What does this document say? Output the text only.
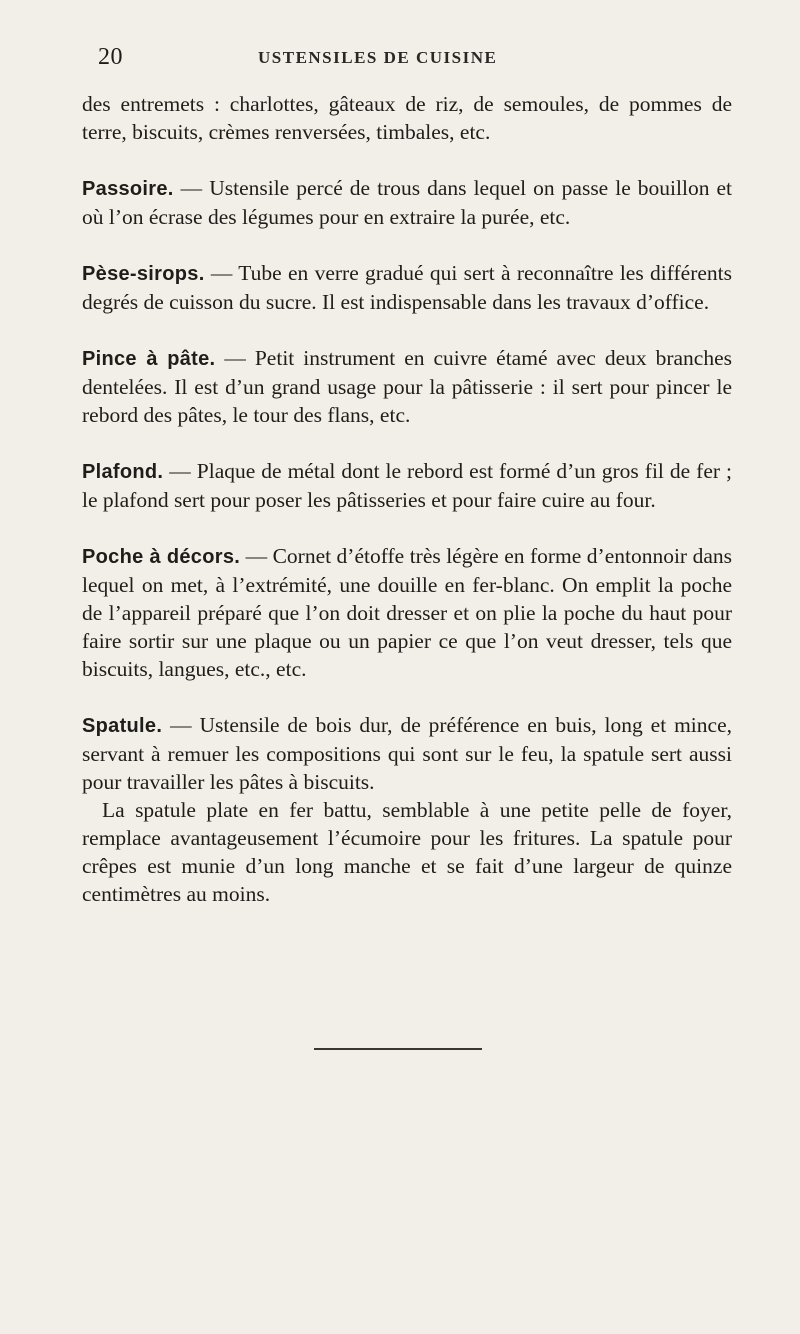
20	USTENSILES DE CUISINE

des entremets : charlottes, gâteaux de riz, de semoules, de pommes de terre, biscuits, crèmes renversées, timbales, etc.

Passoire. — Ustensile percé de trous dans lequel on passe le bouillon et où l’on écrase des légumes pour en extraire la purée, etc.

Pèse-sirops. — Tube en verre gradué qui sert à reconnaître les différents degrés de cuisson du sucre. Il est indispensable dans les travaux d’office.

Pince à pâte. — Petit instrument en cuivre étamé avec deux branches dentelées. Il est d’un grand usage pour la pâtisserie : il sert pour pincer le rebord des pâtes, le tour des flans, etc.

Plafond. — Plaque de métal dont le rebord est formé d’un gros fil de fer ; le plafond sert pour poser les pâtisseries et pour faire cuire au four.

Poche à décors. — Cornet d’étoffe très légère en forme d’entonnoir dans lequel on met, à l’extrémité, une douille en fer-blanc. On emplit la poche de l’appareil préparé que l’on doit dresser et on plie la poche du haut pour faire sortir sur une plaque ou un papier ce que l’on veut dresser, tels que biscuits, langues, etc., etc.

Spatule. — Ustensile de bois dur, de préférence en buis, long et mince, servant à remuer les compositions qui sont sur le feu, la spatule sert aussi pour travailler les pâtes à biscuits.

La spatule plate en fer battu, semblable à une petite pelle de foyer, remplace avantageusement l’écumoire pour les fritures. La spatule pour crêpes est munie d’un long manche et se fait d’une largeur de quinze centimètres au moins.
